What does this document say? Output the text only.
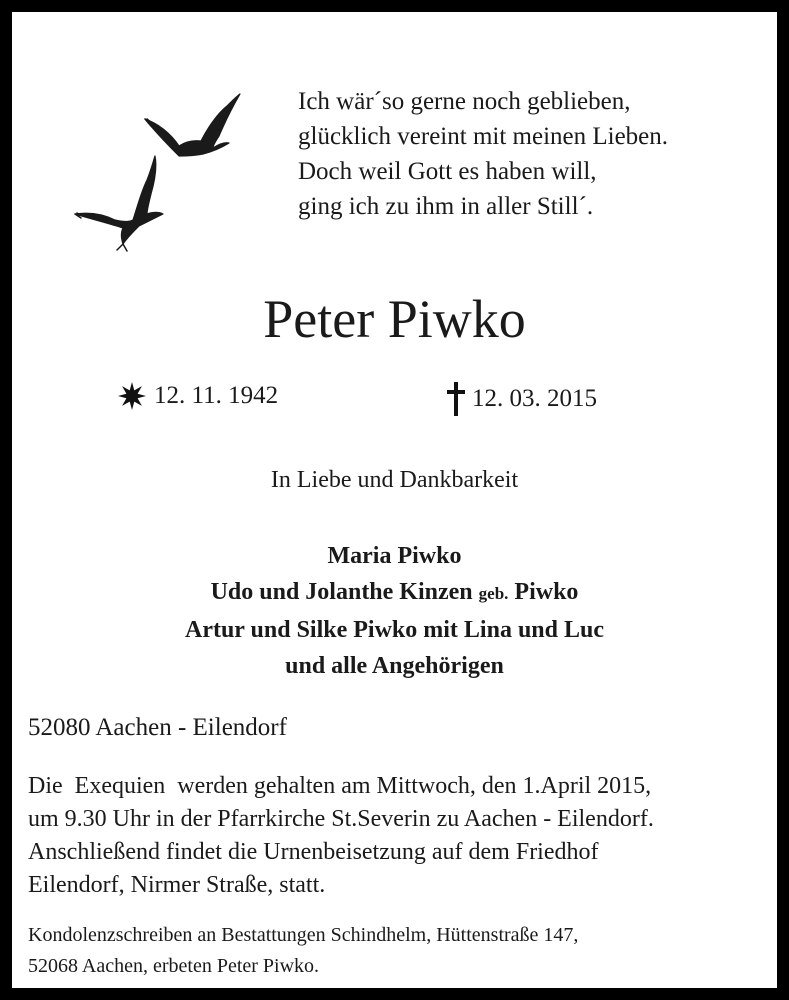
Ich wär´so gerne noch geblieben,
glücklich vereint mit meinen Lieben.
Doch weil Gott es haben will,
ging ich zu ihm in aller Still´.
Peter Piwko
12. 11. 1942	12. 03. 2015
In Liebe und Dankbarkeit
Maria Piwko
Udo und Jolanthe Kinzen geb. Piwko
Artur und Silke Piwko mit Lina und Luc
und alle Angehörigen
52080 Aachen - Eilendorf
Die  Exequien  werden gehalten am Mittwoch, den 1.April 2015,
um 9.30 Uhr in der Pfarrkirche St.Severin zu Aachen - Eilendorf.
Anschließend findet die Urnenbeisetzung auf dem Friedhof
Eilendorf, Nirmer Straße, statt.
Kondolenzschreiben an Bestattungen Schindhelm, Hüttenstraße 147,
52068 Aachen, erbeten Peter Piwko.
